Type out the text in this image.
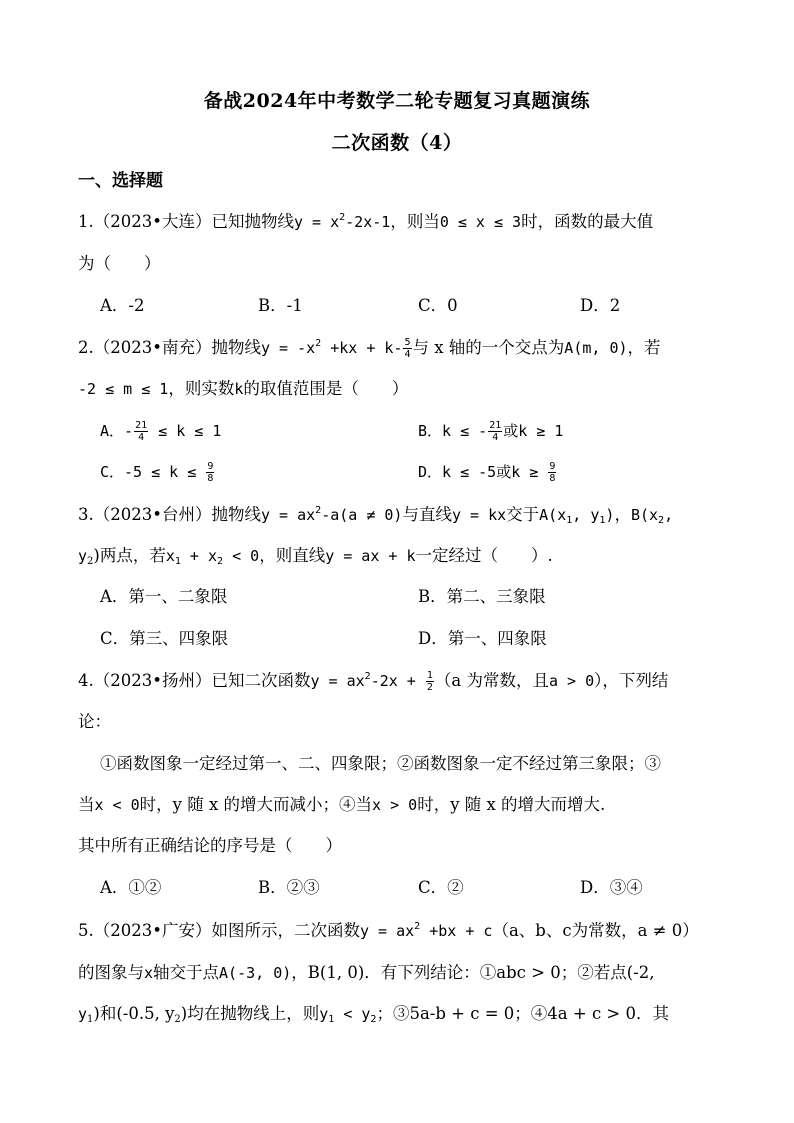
备战2024年中考数学二轮专题复习真题演练
二次函数（4）
一、选择题
1.（2023•大连）已知抛物线$y = x^2-2x-1$，则当0 ≤ x ≤ 3时，函数的最大值
为（　　）
A．-2	B．-1	C．0	D．2
2.（2023•南充）抛物线$y = -x^2 +kx + k- \frac{5}{4}$ 与 x 轴的一个交点为A(m, 0)，若
-2 ≤ m ≤ 1，则实数k的取值范围是（　　）
A．- $\frac{21}{4} \le k \le 1$	B．k ≤ - $\frac{21}{4}$ 或k ≥ 1
C．$-5 \le k \le \frac{9}{8}$	D．k ≤ -5或$k \ge \frac{9}{8}$
3.（2023•台州）抛物线$y = ax^2-a(a \ne 0)$与直线y = kx交于$A(x_1$, $y_1$)，$B(x_2$,
$y_2$)两点，若$x_1 + x_2 < 0$，则直线y = ax + k一定经过（　　）.
A．第一、二象限	B．第二、三象限
C．第三、四象限	D．第一、四象限
4.（2023•扬州）已知二次函数$y = ax^2-2x + \frac{1}{2} (a$ 为常数，且a > 0），下列结
论：
①函数图象一定经过第一、二、四象限；②函数图象一定不经过第三象限；③
当x < 0时，y 随 x 的增大而减小；④当x > 0时，y 随 x 的增大而增大.
其中所有正确结论的序号是（　　）
A．①②	B．②③	C．②	D．③④
5.（2023•广安）如图所示，二次函数$y = ax^2 +bx + c(a$、b、c为常数，a ≠ 0）
的图象与x轴交于点A(-3, 0)，B(1, 0)．有下列结论：①abc > 0；②若点(-2,
$y_1$)和(-0.5, $y_2$)均在抛物线上，则$y_1 < y_2$；③5a-b + c = 0；④4a + c > 0．其
